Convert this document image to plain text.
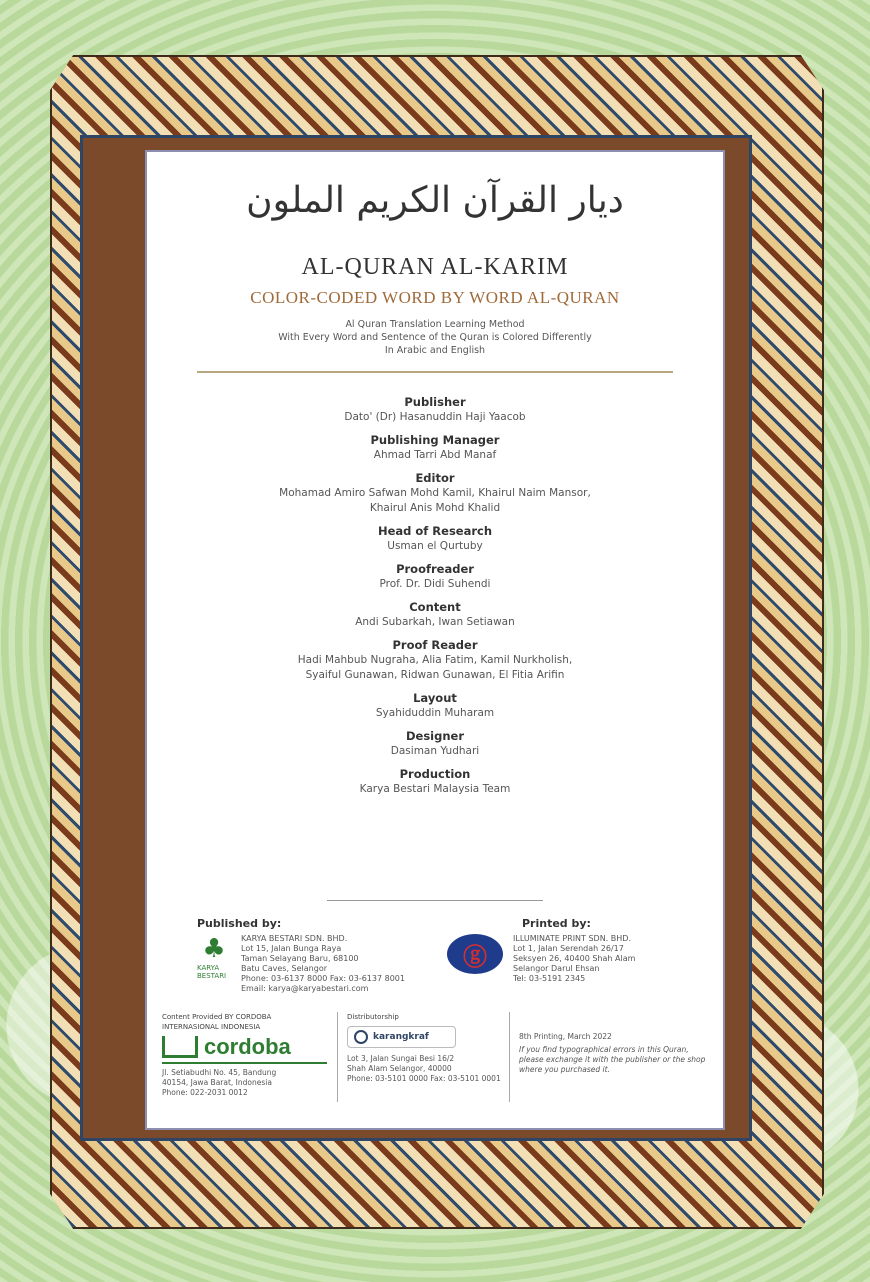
ديار القرآن الكريم الملون
AL-QURAN AL-KARIM
COLOR-CODED WORD BY WORD AL-QURAN
Al Quran Translation Learning Method
With Every Word and Sentence of the Quran is Colored Differently
In Arabic and English
Publisher
Dato' (Dr) Hasanuddin Haji Yaacob
Publishing Manager
Ahmad Tarri Abd Manaf
Editor
Mohamad Amiro Safwan Mohd Kamil, Khairul Naim Mansor,
Khairul Anis Mohd Khalid
Head of Research
Usman el Qurtuby
Proofreader
Prof. Dr. Didi Suhendi
Content
Andi Subarkah, Iwan Setiawan
Proof Reader
Hadi Mahbub Nugraha, Alia Fatim, Kamil Nurkholish,
Syaiful Gunawan, Ridwan Gunawan, El Fitia Arifin
Layout
Syahiduddin Muharam
Designer
Dasiman Yudhari
Production
Karya Bestari Malaysia Team
Published by:
♣
KARYA BESTARI
KARYA BESTARI SDN. BHD.
Lot 15, Jalan Bunga Raya
Taman Selayang Baru, 68100
Batu Caves, Selangor
Phone: 03-6137 8000 Fax: 03-6137 8001
Email: karya@karyabestari.com
Printed by:
ⓖ
ILLUMINATE PRINT SDN. BHD.
Lot 1, Jalan Serendah 26/17
Seksyen 26, 40400 Shah Alam
Selangor Darul Ehsan
Tel: 03-5191 2345
Content Provided BY CORDOBA INTERNASIONAL INDONESIA
cordoba
Jl. Setiabudhi No. 45, Bandung
40154, Jawa Barat, Indonesia
Phone: 022-2031 0012
Distributorship
karangkraf
Lot 3, Jalan Sungai Besi 16/2
Shah Alam Selangor, 40000
Phone: 03-5101 0000 Fax: 03-5101 0001
8th Printing, March 2022
If you find typographical errors in this Quran, please exchange it with the publisher or the shop where you purchased it.
